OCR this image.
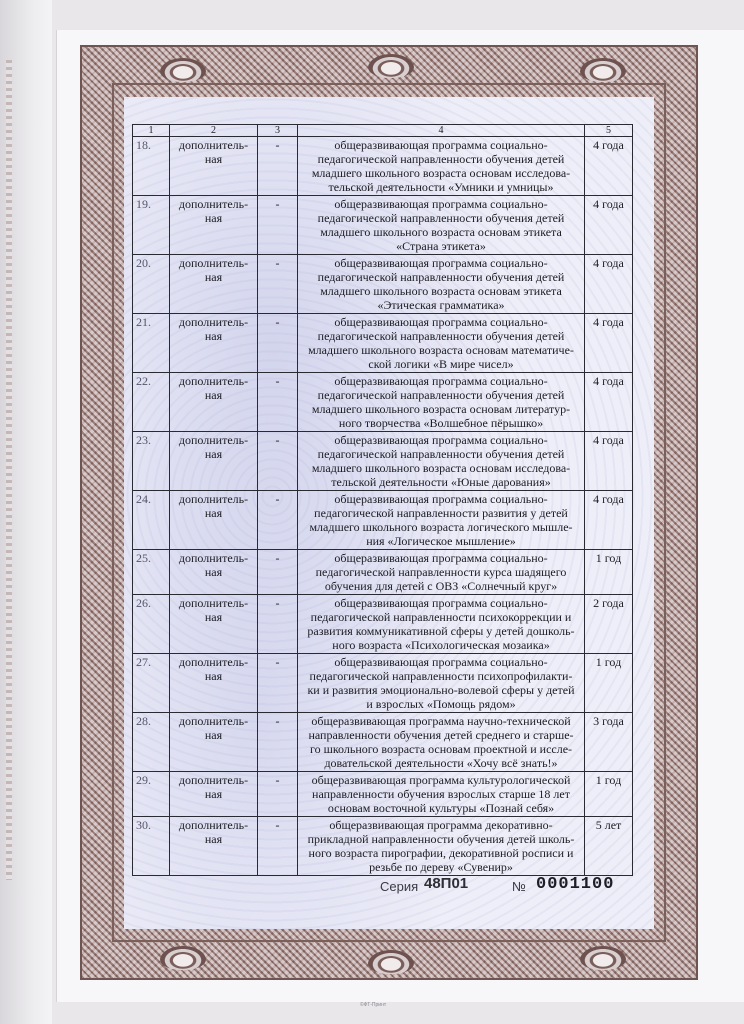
1	2	3	4	5
18.	дополнитель-
ная	-	общеразвивающая программа социально-
педагогической направленности обучения детей
младшего школьного возраста основам исследова-
тельской деятельности «Умники и умницы»	4 года
19.	дополнитель-
ная	-	общеразвивающая программа социально-
педагогической направленности обучения детей
младшего школьного возраста основам этикета
«Страна этикета»	4 года
20.	дополнитель-
ная	-	общеразвивающая программа социально-
педагогической направленности обучения детей
младшего школьного возраста основам этикета
«Этическая грамматика»	4 года
21.	дополнитель-
ная	-	общеразвивающая программа социально-
педагогической направленности обучения детей
младшего школьного возраста основам математиче-
ской логики «В мире чисел»	4 года
22.	дополнитель-
ная	-	общеразвивающая программа социально-
педагогической направленности обучения детей
младшего школьного возраста основам литератур-
ного творчества «Волшебное пёрышко»	4 года
23.	дополнитель-
ная	-	общеразвивающая программа социально-
педагогической направленности обучения детей
младшего школьного возраста основам исследова-
тельской деятельности «Юные дарования»	4 года
24.	дополнитель-
ная	-	общеразвивающая программа социально-
педагогической направленности развития у детей
младшего школьного возраста логического мышле-
ния «Логическое мышление»	4 года
25.	дополнитель-
ная	-	общеразвивающая программа социально-
педагогической направленности курса шадящего
обучения для детей с ОВЗ «Солнечный круг»	1 год
26.	дополнитель-
ная	-	общеразвивающая программа социально-
педагогической направленности психокоррекции и
развития коммуникативной сферы у детей дошколь-
ного возраста «Психологическая мозаика»	2 года
27.	дополнитель-
ная	-	общеразвивающая программа социально-
педагогической направленности психопрофилакти-
ки и развития эмоционально-волевой сферы у детей
и взрослых «Помощь рядом»	1 год
28.	дополнитель-
ная	-	общеразвивающая программа научно-технической
направленности обучения детей среднего и старше-
го школьного возраста основам проектной и иссле-
довательской деятельности «Хочу всё знать!»	3 года
29.	дополнитель-
ная	-	общеразвивающая программа культурологической
направленности обучения взрослых старше 18 лет
основам восточной культуры «Познай себя»	1 год
30.	дополнитель-
ная	-	общеразвивающая программа декоративно-
прикладной направленности обучения детей школь-
ного возраста пирографии, декоративной росписи и
резьбе по дереву «Сувенир»	5 лет
Серия 48П01	№ 0001100
©ФТ-Принт
